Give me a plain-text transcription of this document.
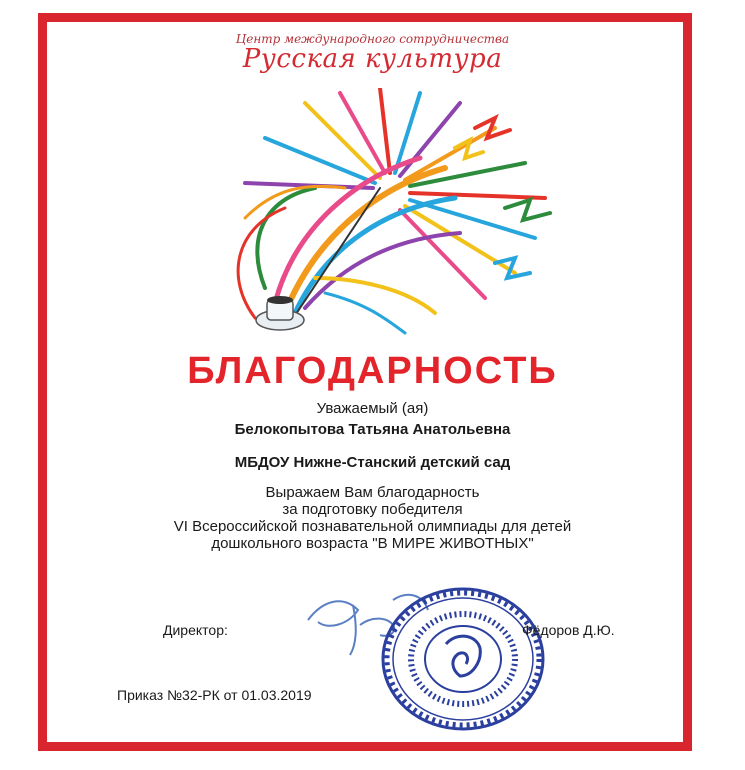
Центр международного сотрудничества
Русская культура
БЛАГОДАРНОСТЬ
Уважаемый (ая)
Белокопытова Татьяна Анатольевна
МБДОУ Нижне-Станский детский сад
Выражаем Вам благодарность
за подготовку победителя
VI Всероссийской познавательной олимпиады для детей
дошкольного возраста "В МИРЕ ЖИВОТНЫХ"
Директор:	Фёдоров Д.Ю.
Приказ №32-РК от 01.03.2019
